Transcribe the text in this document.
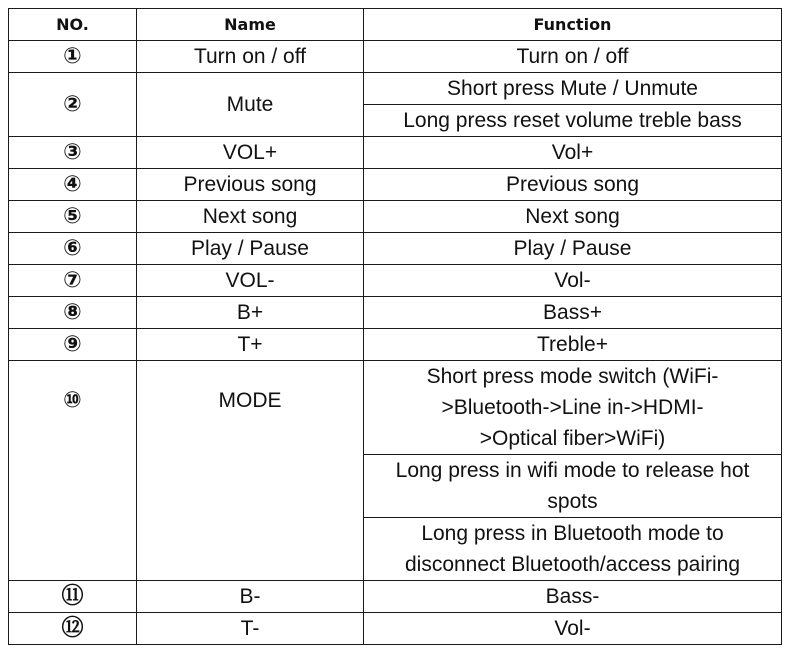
NO.	Name	Function
①	Turn on / off	Turn on / off
②	Mute	Short press Mute / Unmute
		Long press reset volume treble bass
③	VOL+	Vol+
④	Previous song	Previous song
⑤	Next song	Next song
⑥	Play / Pause	Play / Pause
⑦	VOL-	Vol-
⑧	B+	Bass+
⑨	T+	Treble+
⑩	MODE	Short press mode switch (WiFi->Bluetooth->Line in->HDMI->Optical fiber>WiFi)
		Long press in wifi mode to release hot spots
		Long press in Bluetooth mode to disconnect Bluetooth/access pairing
⑪	B-	Bass-
⑫	T-	Vol-
